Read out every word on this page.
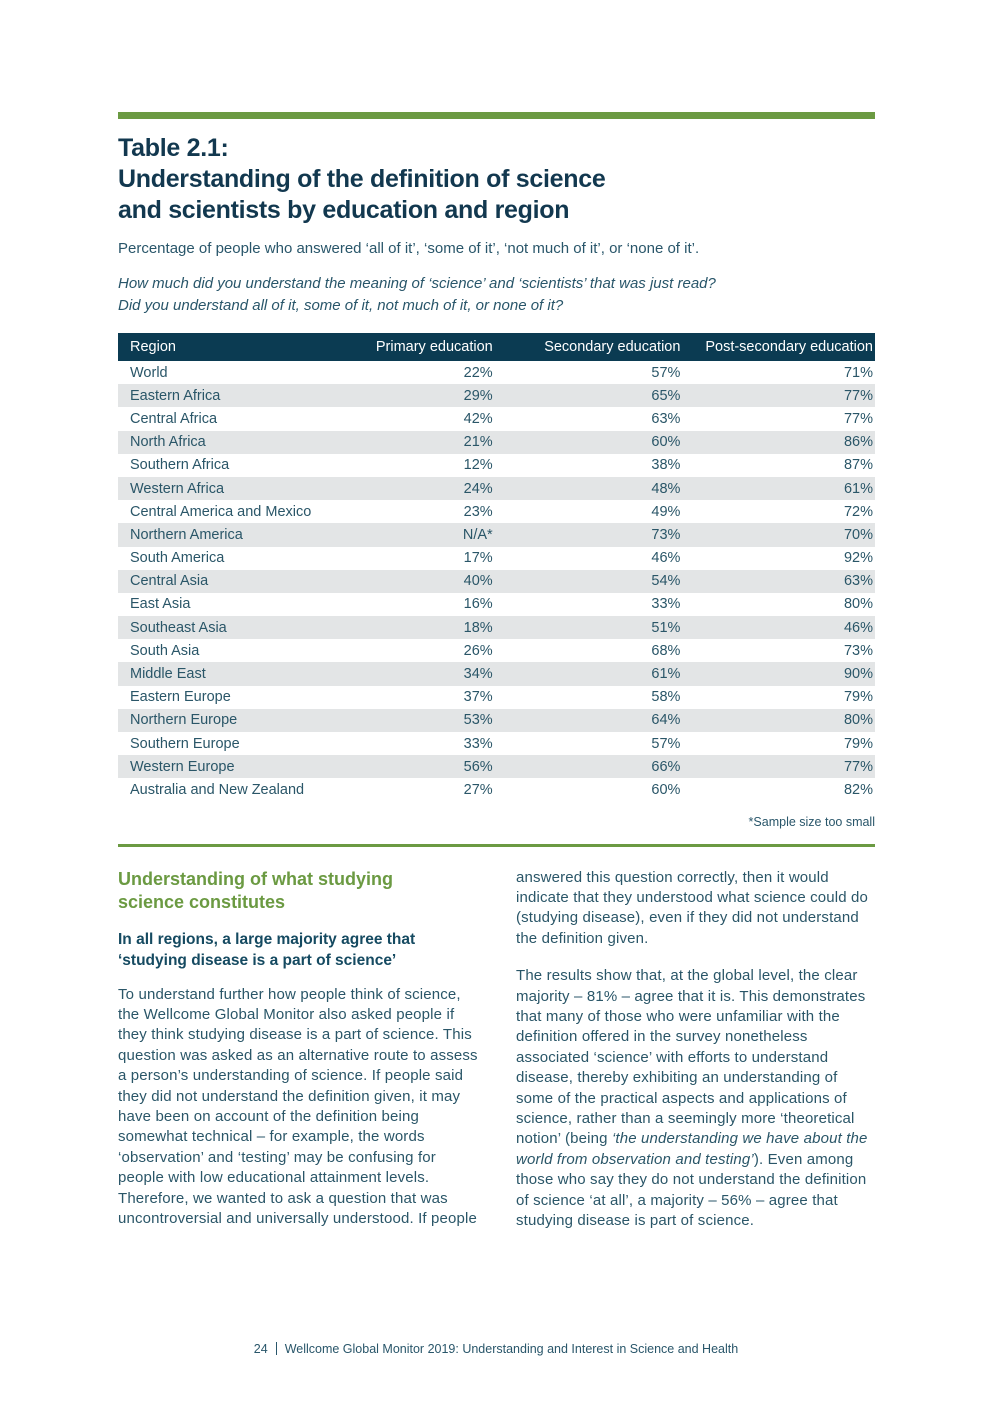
Table 2.1:
Understanding of the definition of science
and scientists by education and region

Percentage of people who answered ‘all of it’, ‘some of it’, ‘not much of it’, or ‘none of it’.

How much did you understand the meaning of ‘science’ and ‘scientists’ that was just read?
Did you understand all of it, some of it, not much of it, or none of it?
Region	Primary education	Secondary education	Post-secondary education
World	22%	57%	71%
Eastern Africa	29%	65%	77%
Central Africa	42%	63%	77%
North Africa	21%	60%	86%
Southern Africa	12%	38%	87%
Western Africa	24%	48%	61%
Central America and Mexico	23%	49%	72%
Northern America	N/A*	73%	70%
South America	17%	46%	92%
Central Asia	40%	54%	63%
East Asia	16%	33%	80%
Southeast Asia	18%	51%	46%
South Asia	26%	68%	73%
Middle East	34%	61%	90%
Eastern Europe	37%	58%	79%
Northern Europe	53%	64%	80%
Southern Europe	33%	57%	79%
Western Europe	56%	66%	77%
Australia and New Zealand	27%	60%	82%
*Sample size too small
Understanding of what studying
science constitutes
In all regions, a large majority agree that
‘studying disease is a part of science’

To understand further how people think of science, the Wellcome Global Monitor also asked people if they think studying disease is a part of science. This question was asked as an alternative route to assess a person’s understanding of science. If people said they did not understand the definition given, it may have been on account of the definition being somewhat technical – for example, the words ‘observation’ and ‘testing’ may be confusing for people with low educational attainment levels. Therefore, we wanted to ask a question that was uncontroversial and universally understood. If people

answered this question correctly, then it would indicate that they understood what science could do (studying disease), even if they did not understand the definition given.

The results show that, at the global level, the clear majority – 81% – agree that it is. This demonstrates that many of those who were unfamiliar with the definition offered in the survey nonetheless associated ‘science’ with efforts to understand disease, thereby exhibiting an understanding of some of the practical aspects and applications of science, rather than a seemingly more ‘theoretical notion’ (being ‘the understanding we have about the world from observation and testing’). Even among those who say they do not understand the definition of science ‘at all’, a majority – 56% – agree that studying disease is part of science.

24 Wellcome Global Monitor 2019: Understanding and Interest in Science and Health
